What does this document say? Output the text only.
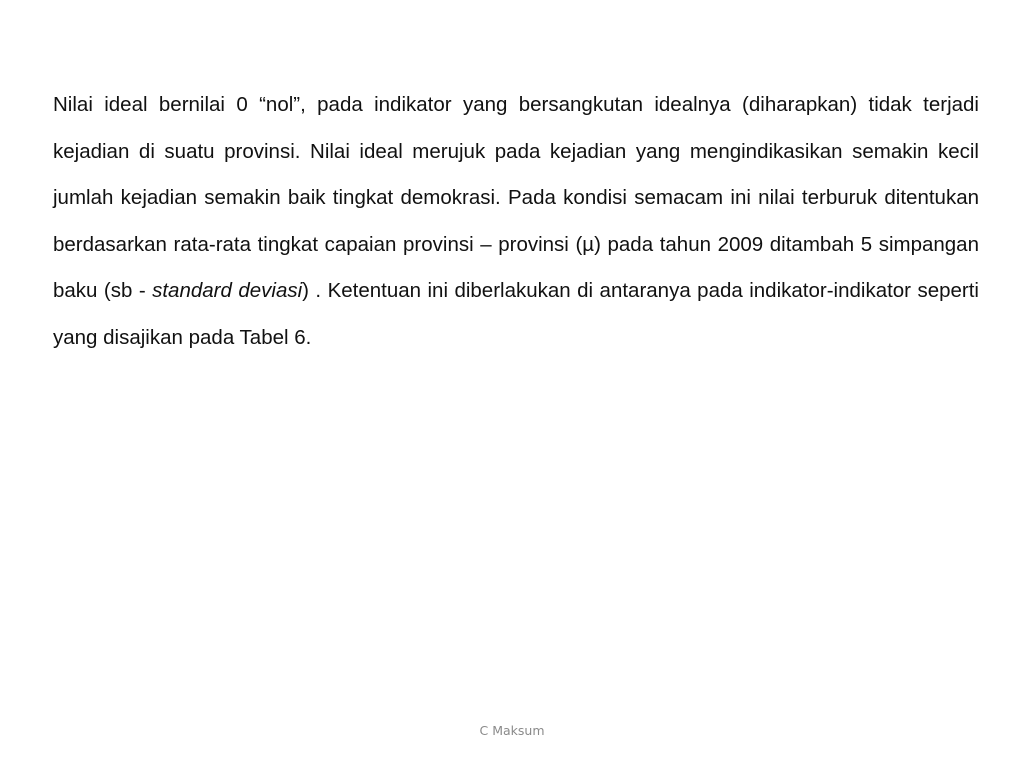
Nilai ideal bernilai 0 “nol”, pada indikator yang bersangkutan idealnya (diharapkan) tidak terjadi kejadian di suatu provinsi. Nilai ideal merujuk pada kejadian yang mengindikasikan semakin kecil jumlah kejadian semakin baik tingkat demokrasi. Pada kondisi semacam ini nilai terburuk ditentukan berdasarkan rata-rata tingkat capaian provinsi – provinsi (µ) pada tahun 2009 ditambah 5 simpangan baku (sb - standard deviasi) . Ketentuan ini diberlakukan di antaranya pada indikator-indikator seperti yang disajikan pada Tabel 6.

C Maksum
